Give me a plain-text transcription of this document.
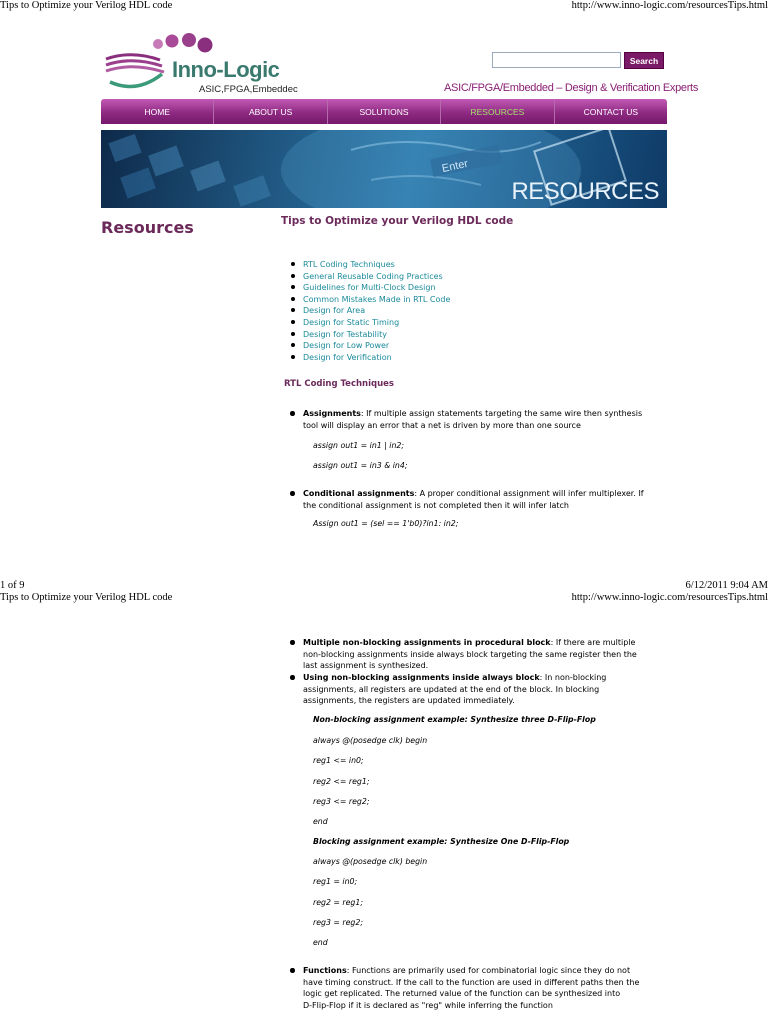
Tips to Optimize your Verilog HDL code	http://www.inno-logic.com/resourcesTips.html
Inno-Logic
ASIC,FPGA,Embeddec
Search
ASIC/FPGA/Embedded – Design & Verification Experts
HOME	ABOUT US	SOLUTIONS	RESOURCES	CONTACT US
Enter
RESOURCES
Resources	Tips to Optimize your Verilog HDL code
RTL Coding Techniques
General Reusable Coding Practices
Guidelines for Multi-Clock Design
Common Mistakes Made in RTL Code
Design for Area
Design for Static Timing
Design for Testability
Design for Low Power
Design for Verification
RTL Coding Techniques
Assignments: If multiple assign statements targeting the same wire then synthesis
tool will display an error that a net is driven by more than one source
assign out1 = in1 | in2;
assign out1 = in3 & in4;
Conditional assignments: A proper conditional assignment will infer multiplexer. If
the conditional assignment is not completed then it will infer latch
Assign out1 = (sel == 1'b0)?in1: in2;
1 of 9	6/12/2011 9:04 AM
Tips to Optimize your Verilog HDL code	http://www.inno-logic.com/resourcesTips.html
Multiple non-blocking assignments in procedural block: If there are multiple
non-blocking assignments inside always block targeting the same register then the
last assignment is synthesized.
Using non-blocking assignments inside always block: In non-blocking
assignments, all registers are updated at the end of the block. In blocking
assignments, the registers are updated immediately.
Non-blocking assignment example: Synthesize three D-Flip-Flop
always @(posedge clk) begin
reg1 <= in0;
reg2 <= reg1;
reg3 <= reg2;
end
Blocking assignment example: Synthesize One D-Flip-Flop
always @(posedge clk) begin
reg1 = in0;
reg2 = reg1;
reg3 = reg2;
end
Functions: Functions are primarily used for combinatorial logic since they do not
have timing construct. If the call to the function are used in different paths then the
logic get replicated. The returned value of the function can be synthesized into
D-Flip-Flop if it is declared as "reg" while inferring the function
